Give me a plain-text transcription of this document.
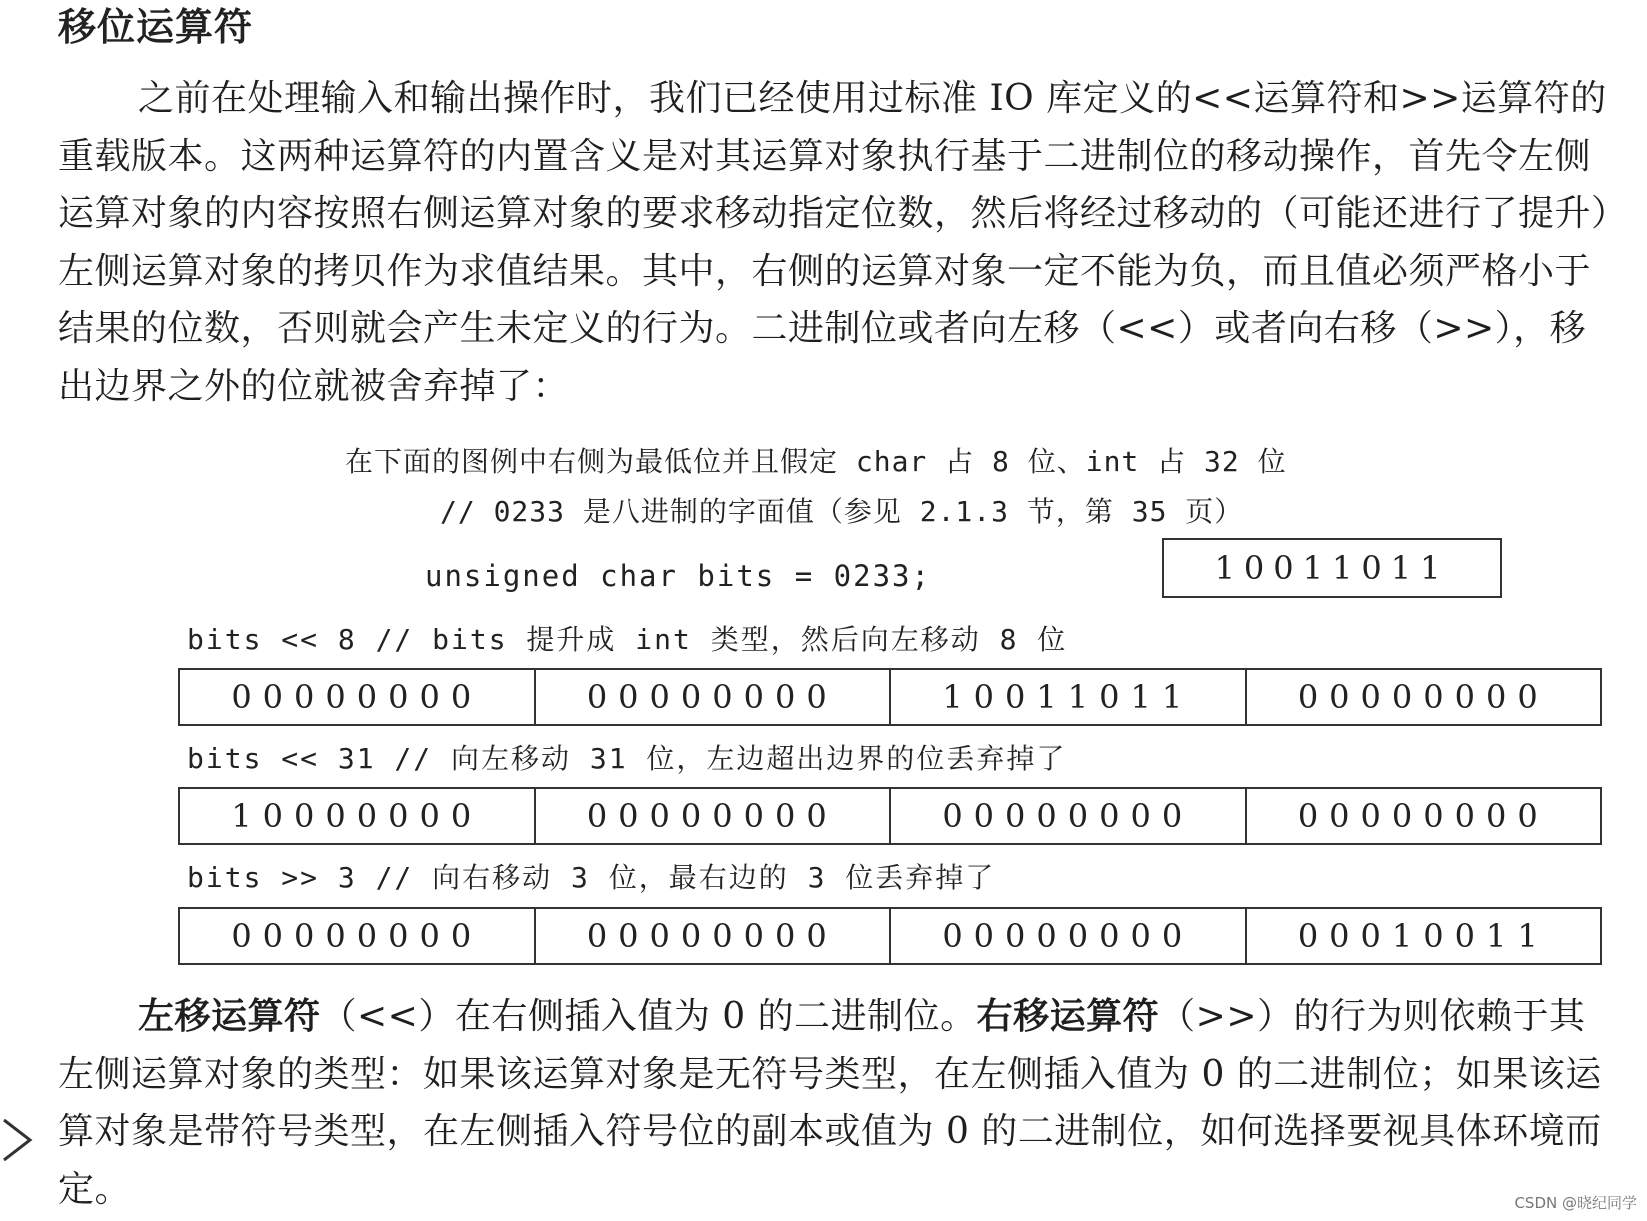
移位运算符
之前在处理输入和输出操作时，我们已经使用过标准 IO 库定义的<<运算符和>>运算符的重载版本。这两种运算符的内置含义是对其运算对象执行基于二进制位的移动操作，首先令左侧运算对象的内容按照右侧运算对象的要求移动指定位数，然后将经过移动的（可能还进行了提升）左侧运算对象的拷贝作为求值结果。其中，右侧的运算对象一定不能为负，而且值必须严格小于结果的位数，否则就会产生未定义的行为。二进制位或者向左移（<<）或者向右移（>>），移出边界之外的位就被舍弃掉了：
在下面的图例中右侧为最低位并且假定 char 占 8 位、int 占 32 位
// 0233 是八进制的字面值（参见 2.1.3 节，第 35 页）
unsigned char bits = 0233;	10011011
bits << 8 // bits 提升成 int 类型，然后向左移动 8 位
00000000	00000000	10011011	00000000
bits << 31 // 向左移动 31 位，左边超出边界的位丢弃掉了
10000000	00000000	00000000	00000000
bits >> 3 // 向右移动 3 位，最右边的 3 位丢弃掉了
00000000	00000000	00000000	00010011
左移运算符（<<）在右侧插入值为 0 的二进制位。右移运算符（>>）的行为则依赖于其左侧运算对象的类型：如果该运算对象是无符号类型，在左侧插入值为 0 的二进制位；如果该运算对象是带符号类型，在左侧插入符号位的副本或值为 0 的二进制位，如何选择要视具体环境而定。	CSDN @晓纪同学
